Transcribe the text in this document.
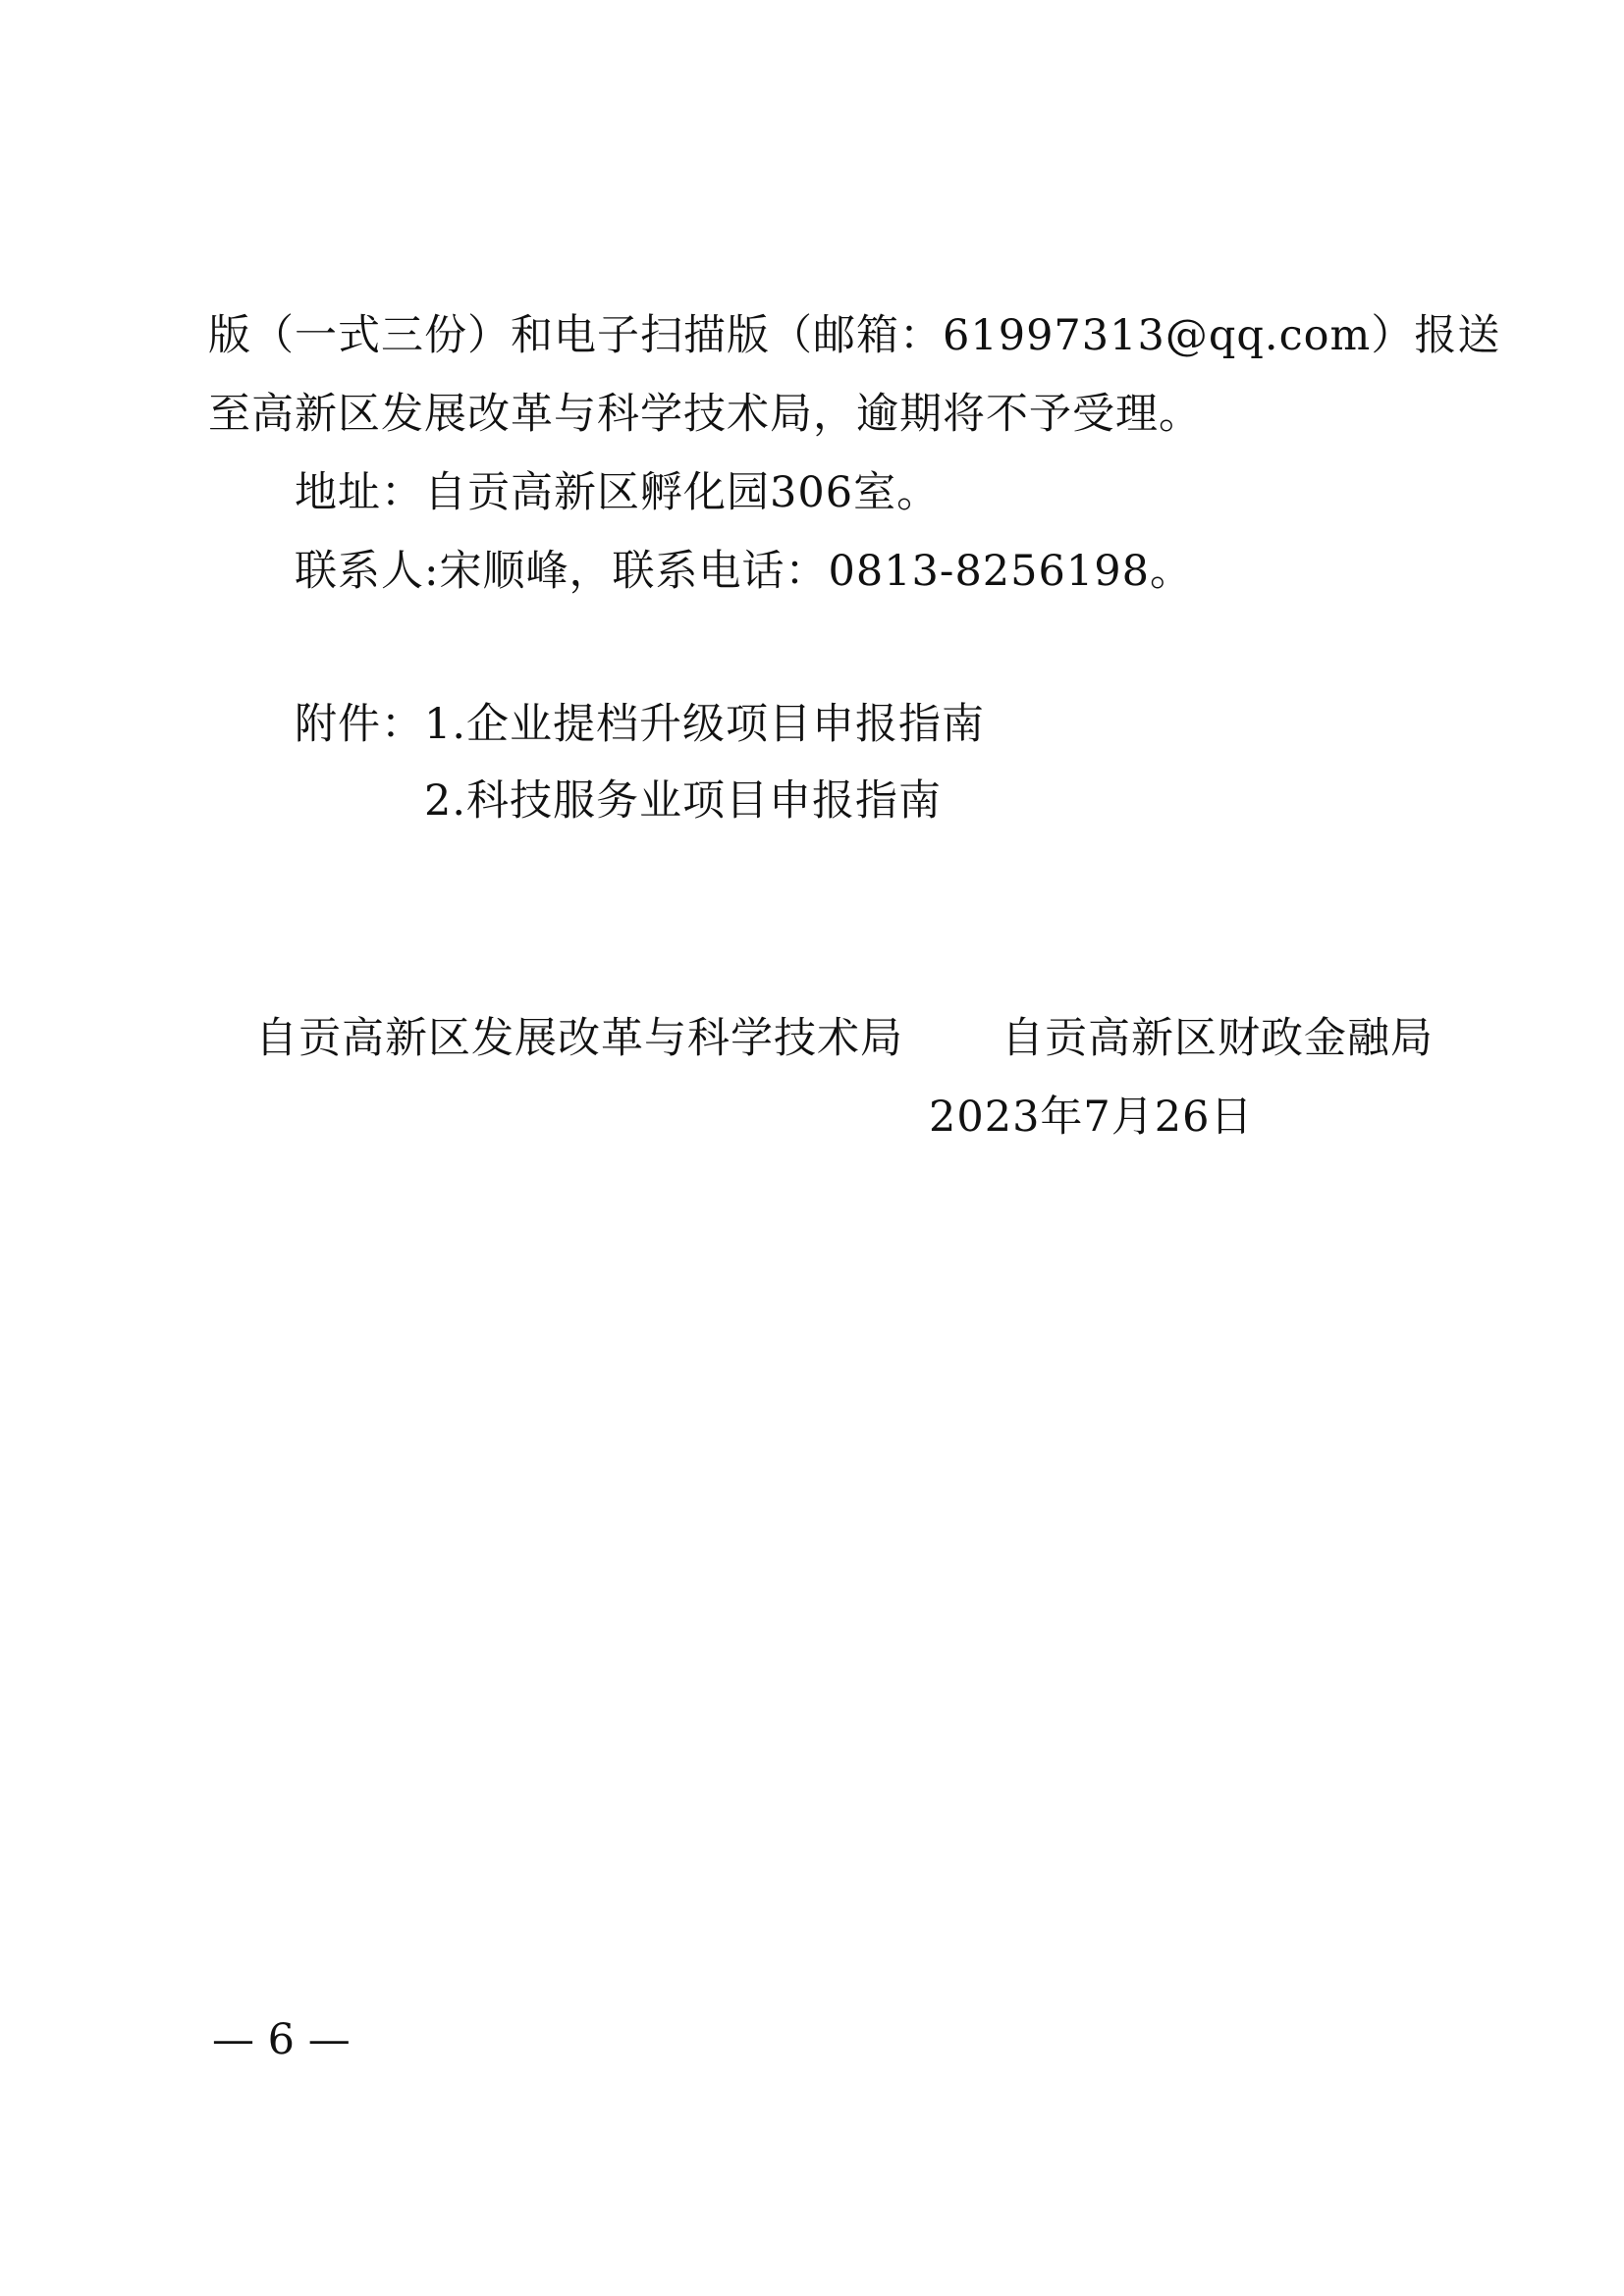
版（一式三份）和电子扫描版（邮箱：61997313@qq.com）报送
至高新区发展改革与科学技术局，逾期将不予受理。
地址：自贡高新区孵化园306室。
联系人:宋顺峰，联系电话：0813-8256198。
附件：1.企业提档升级项目申报指南
2.科技服务业项目申报指南
自贡高新区发展改革与科学技术局 自贡高新区财政金融局
2023年7月26日
— 6 —
